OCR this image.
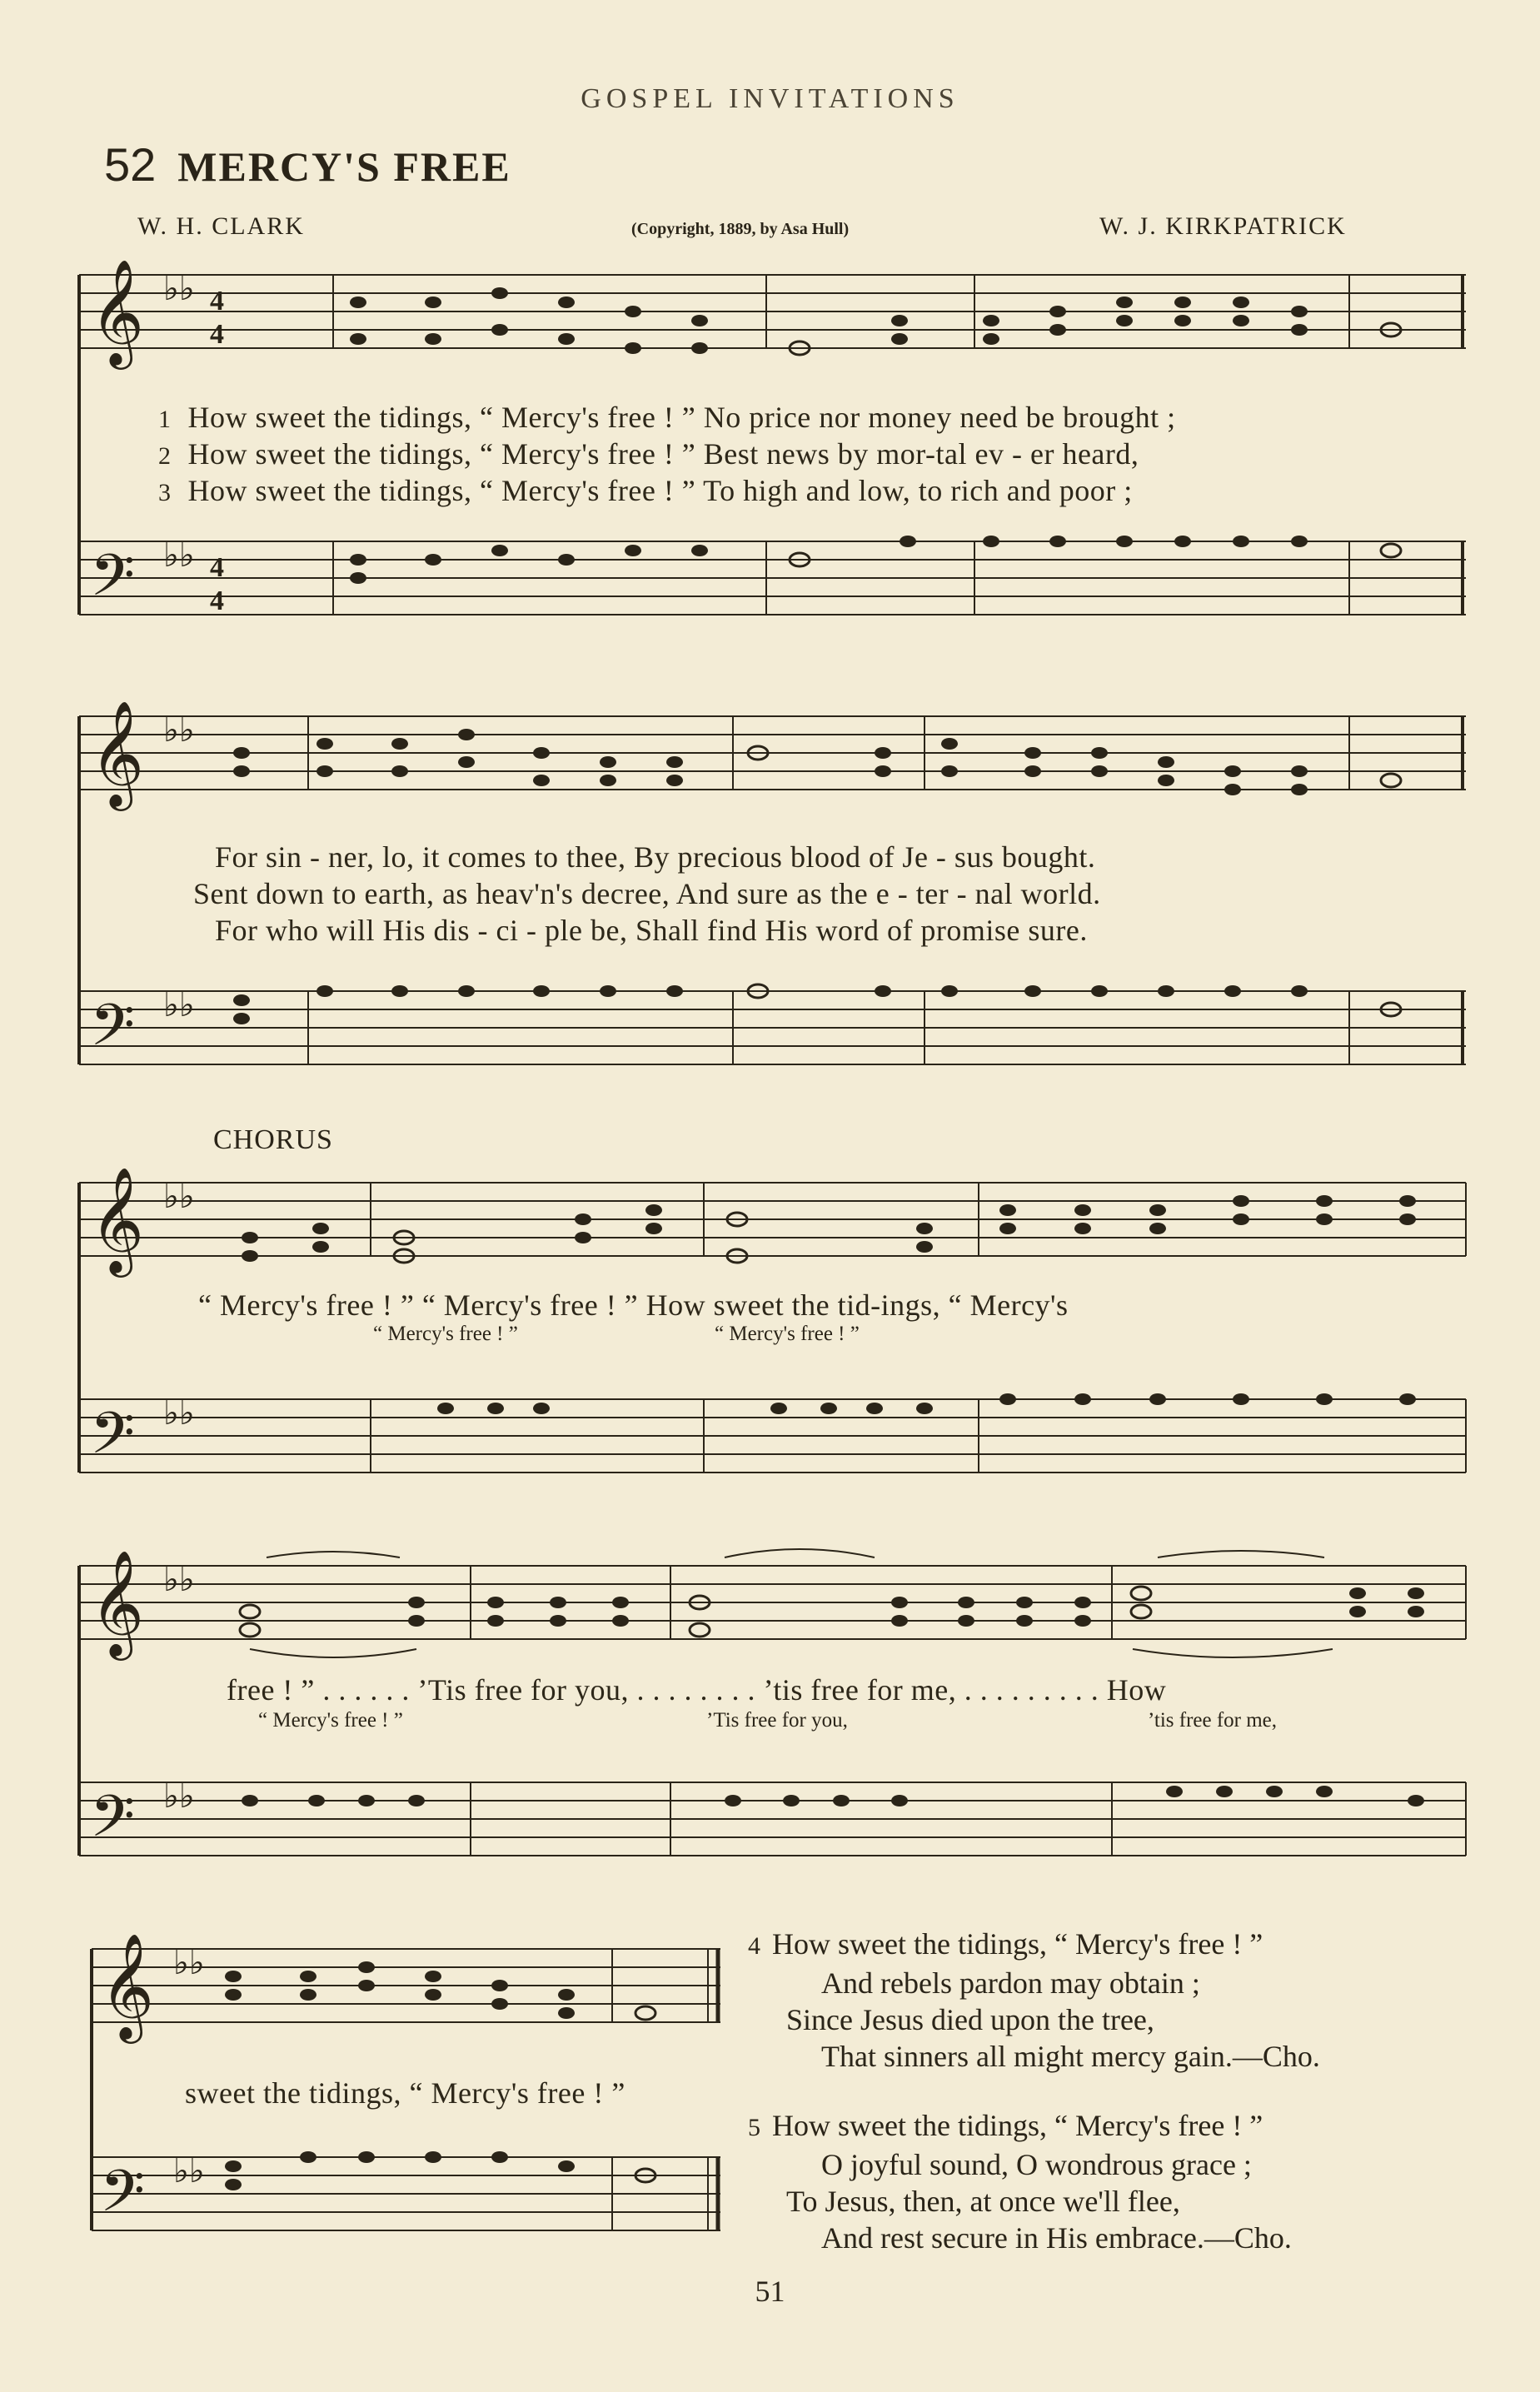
GOSPEL INVITATIONS
52 MERCY'S FREE
W. H. CLARK	(Copyright, 1889, by Asa Hull)	W. J. KIRKPATRICK
𝄞
𝄢
♭♭
♭♭
4
4
4
4
1 How sweet the tidings, “ Mercy's free ! ” No price nor money need be brought ;
2 How sweet the tidings, “ Mercy's free ! ” Best news by mor-tal ev - er heard,
3 How sweet the tidings, “ Mercy's free ! ” To high and low, to rich and poor ;
𝄞
𝄢
♭♭
♭♭
For sin - ner, lo, it comes to thee, By precious blood of Je - sus bought.
Sent down to earth, as heav'n's decree, And sure as the e - ter - nal world.
For who will His dis - ci - ple be, Shall find His word of promise sure.
CHORUS
𝄞
𝄢
♭♭
♭♭
“ Mercy's free ! ” “ Mercy's free ! ” How sweet the tid-ings, “ Mercy's
“ Mercy's free ! ”	“ Mercy's free ! ”
𝄞
𝄢
♭♭
♭♭
free ! ” . . . . . . ’Tis free for you, . . . . . . . . ’tis free for me, . . . . . . . . . How
“ Mercy's free ! ”	’Tis free for you,	’tis free for me,
𝄞
𝄢
♭♭
♭♭
sweet the tidings, “ Mercy's free ! ”
4 How sweet the tidings, “ Mercy's free ! ”
And rebels pardon may obtain ;
Since Jesus died upon the tree,
That sinners all might mercy gain.—Cho.
5 How sweet the tidings, “ Mercy's free ! ”
O joyful sound, O wondrous grace ;
To Jesus, then, at once we'll flee,
And rest secure in His embrace.—Cho.
51
